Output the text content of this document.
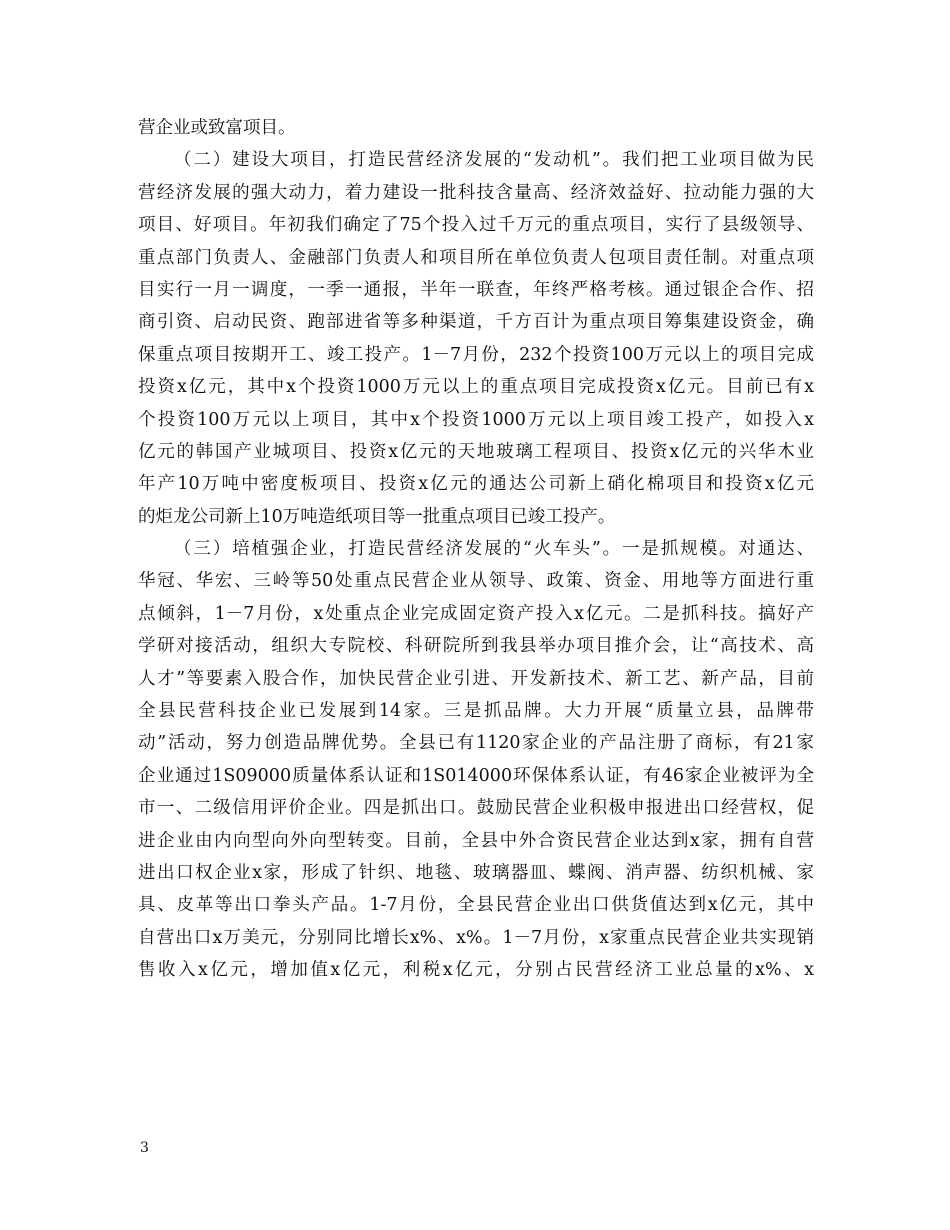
营企业或致富项目。
（二）建设大项目，打造民营经济发展的“发动机”。我们把工业项目做为民
营经济发展的强大动力，着力建设一批科技含量高、经济效益好、拉动能力强的大
项目、好项目。年初我们确定了75个投入过千万元的重点项目，实行了县级领导、
重点部门负责人、金融部门负责人和项目所在单位负责人包项目责任制。对重点项
目实行一月一调度，一季一通报，半年一联查，年终严格考核。通过银企合作、招
商引资、启动民资、跑部进省等多种渠道，千方百计为重点项目筹集建设资金，确
保重点项目按期开工、竣工投产。1－7月份，232个投资100万元以上的项目完成
投资x亿元，其中x个投资1000万元以上的重点项目完成投资x亿元。目前已有x
个投资100万元以上项目，其中x个投资1000万元以上项目竣工投产，如投入x
亿元的韩国产业城项目、投资x亿元的天地玻璃工程项目、投资x亿元的兴华木业
年产10万吨中密度板项目、投资x亿元的通达公司新上硝化棉项目和投资x亿元
的炬龙公司新上10万吨造纸项目等一批重点项目已竣工投产。
（三）培植强企业，打造民营经济发展的“火车头”。一是抓规模。对通达、
华冠、华宏、三岭等50处重点民营企业从领导、政策、资金、用地等方面进行重
点倾斜，1－7月份，x处重点企业完成固定资产投入x亿元。二是抓科技。搞好产
学研对接活动，组织大专院校、科研院所到我县举办项目推介会，让“高技术、高
人才”等要素入股合作，加快民营企业引进、开发新技术、新工艺、新产品，目前
全县民营科技企业已发展到14家。三是抓品牌。大力开展“质量立县，品牌带
动”活动，努力创造品牌优势。全县已有1120家企业的产品注册了商标，有21家
企业通过1S09000质量体系认证和1S014000环保体系认证，有46家企业被评为全
市一、二级信用评价企业。四是抓出口。鼓励民营企业积极申报进出口经营权，促
进企业由内向型向外向型转变。目前，全县中外合资民营企业达到x家，拥有自营
进出口权企业x家，形成了针织、地毯、玻璃器皿、蝶阀、消声器、纺织机械、家
具、皮革等出口拳头产品。1-7月份，全县民营企业出口供货值达到x亿元，其中
自营出口x万美元，分别同比增长x%、x%。1－7月份，x家重点民营企业共实现销
售收入x亿元，增加值x亿元，利税x亿元，分别占民营经济工业总量的x%、x
3
